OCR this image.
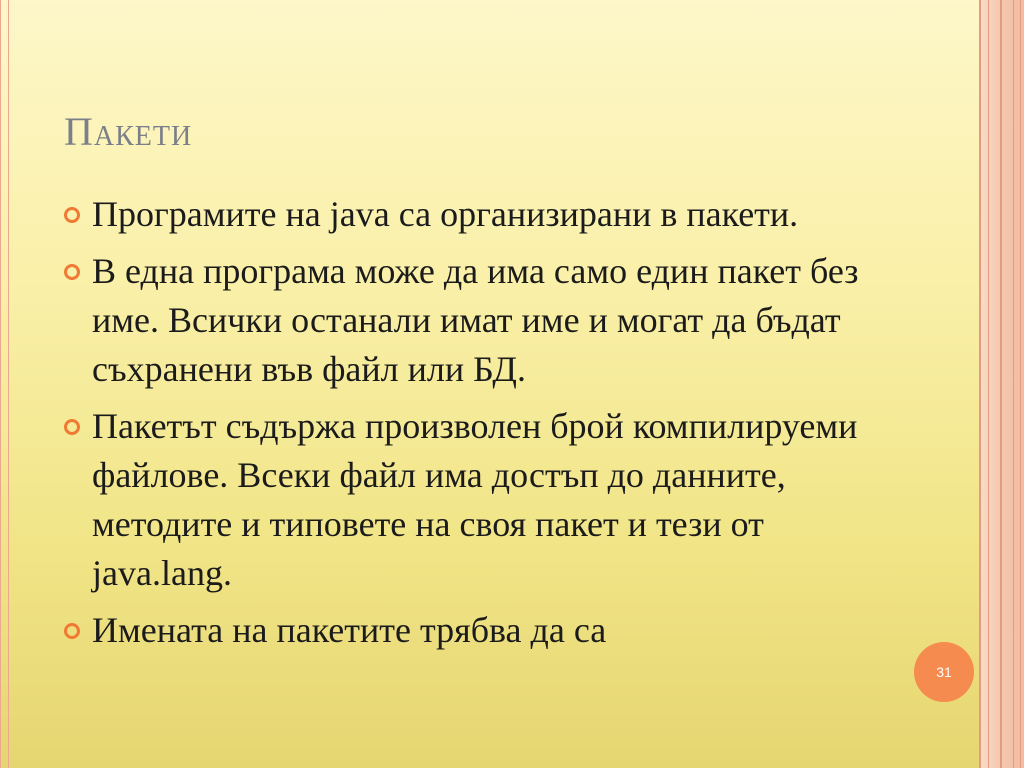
Пакети
Програмите на java са организирани в пакети.
В една програма може да има само един пакет без име. Всички останали имат име и могат да бъдат съхранени във файл или БД.
Пакетът съдържа произволен брой компилируеми файлове. Всеки файл има достъп до данните, методите и типовете на своя пакет и тези от java.lang.
Имената на пакетите трябва да са
31
